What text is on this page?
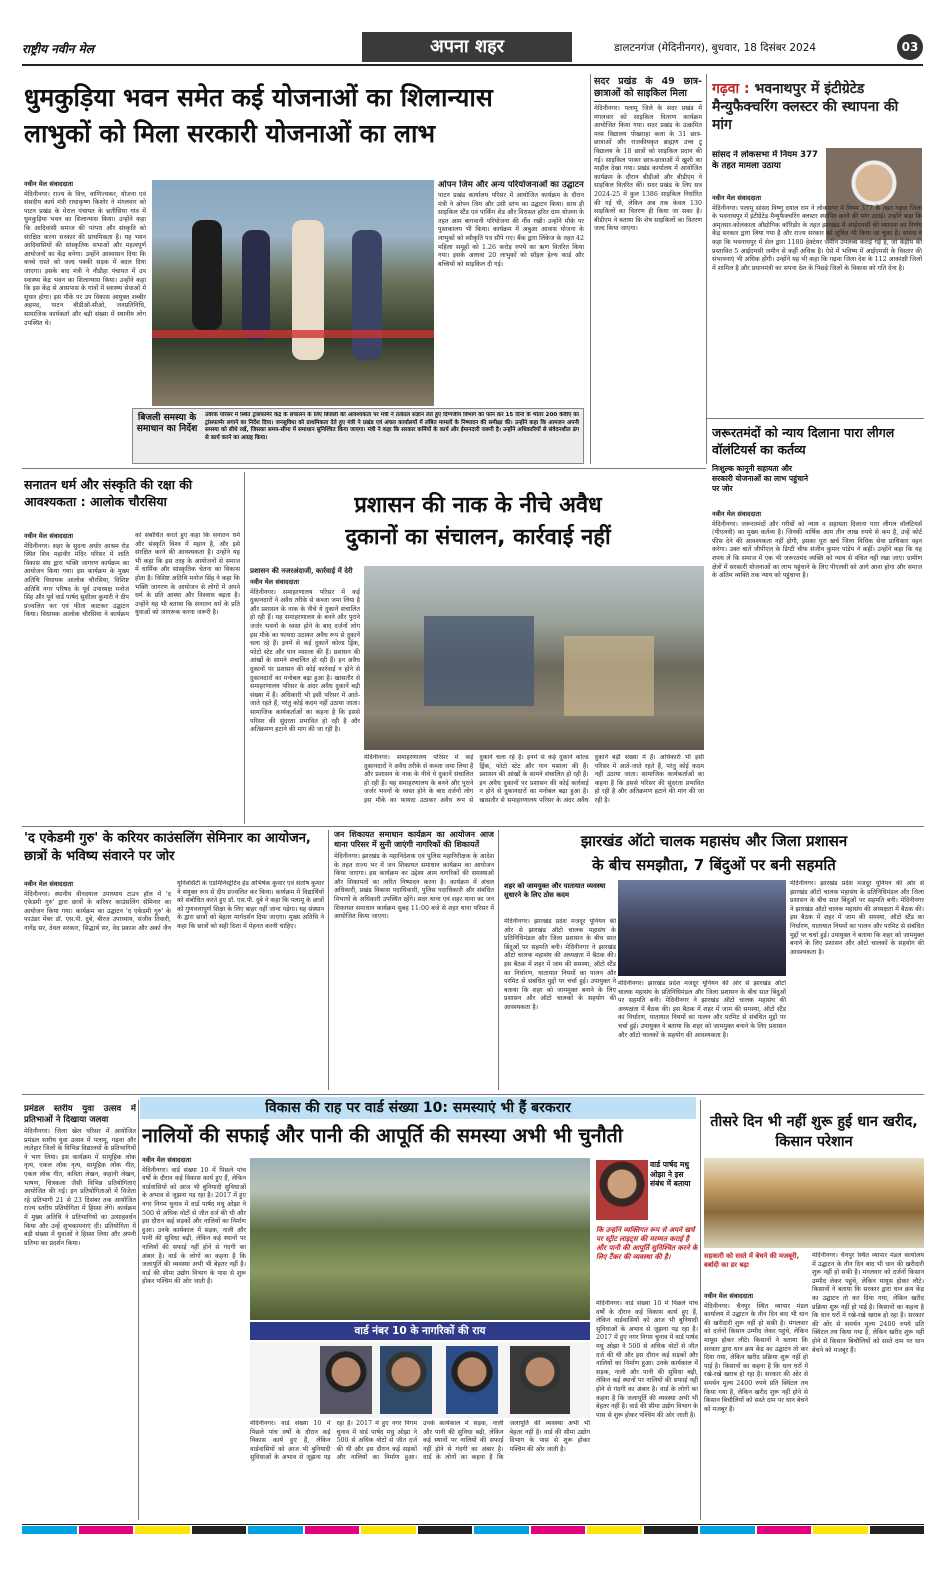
राष्ट्रीय नवीन मेल	अपना शहर	डालटनगंज (मेदिनीनगर), बुधवार, 18 दिसंबर 2024	03
धुमकुड़िया भवन समेत कई योजनाओं का शिलान्यास
लाभुकों को मिला सरकारी योजनाओं का लाभ
नवीन मेल संवाददाता
मेदिनीनगर। राज्य के वित्त, वाणिज्यकर, योजना एवं संसदीय कार्य मंत्री राधाकृष्ण किशोर ने मंगलवार को पाटन प्रखंड के मेराल पंचायत के छतीसिया गांव में धुमकुड़िया भवन का शिलान्यास किया। उन्होंने कहा कि आदिवासी समाज की परंपरा और संस्कृति को संरक्षित करना सरकार की प्राथमिकता है। यह भवन आदिवासियों की सांस्कृतिक सभाओं और महत्वपूर्ण आयोजनों का केंद्र बनेगा। उन्होंने आश्वासन दिया कि कच्चे रास्ते को जल्द पक्की सड़क में बदल दिया जाएगा। इसके बाद मंत्री ने नौडीहा पंचायत में उप स्वास्थ्य केंद्र भवन का शिलान्यास किया। उन्होंने कहा कि इस केंद्र से आसपास के गांवों में स्वास्थ्य सेवाओं में सुधार होगा। इस मौके पर उप विकास आयुक्त शब्बीर अहमद, पाटन बीडीओ-सीओ, जनप्रतिनिधि, सामाजिक कार्यकर्ता और बड़ी संख्या में स्थानीय लोग उपस्थित थे।
ओपन जिम और अन्य परियोजनाओं का उद्घाटन
पाटन प्रखंड कार्यालय परिसर में आयोजित कार्यक्रम के दौरान मंत्री ने ओपन जिम और उसी स्तंभ का उद्घाटन किया। साथ ही साइकिल स्टैंड एवं पार्किंग शेड और विरासत हरित ग्राम योजना के तहत आम बागवानी परियोजना की नींव रखी। उन्होंने मौके पर पुस्तकालय भी किया। कार्यक्रम में अबुआ आवास योजना के लाभुकों को स्वीकृति पत्र सौंपे गए। बैंक द्वारा लिंकेज के तहत 42 महिला समूहों को 1.26 करोड़ रुपये का ऋण वितरित किया गया। इसके अलावा 20 लाभुकों को सॉइल हेल्थ कार्ड और बच्चियों को साइकिल दी गई।
बिजली समस्या के समाधान का निर्देश
उर्वरक परिसर में स्थित ट्रांसफार्मर केंद्र के संचालन के लिए बिजली की आवश्यकता पर मंत्री ने तत्काल संज्ञान लेते हुए दिग्गजीय विभाग को फोन कर 15 दिनों के भीतर 200 केवीए का ट्रांसफार्मर लगाने का निर्देश दिया। जनसुविधा को प्राथमिकता देते हुए मंत्री ने प्रखंड एवं अंचल कार्यालयों में लंबित मामलों के निष्पादन की समीक्षा की। उन्होंने कहा कि आमजन अपनी समस्या को सीधे रखें, जिसका समय-सीमा में समाधान सुनिश्चित किया जाएगा। मंत्री ने कहा कि सरकार कर्मियों के कार्य और ईमानदारी जरूरी है। उन्होंने अधिकारियों से संवेदनशील ढंग से कार्य करने का आग्रह किया।
सदर प्रखंड के 49 छात्र-छात्राओं को साइकिल मिला
मेदिनीनगर। पलामू जिले के सदर प्रखंड में मंगलवार को साइकिल वितरण कार्यक्रम आयोजित किया गया। सदर प्रखंड के उत्क्रमित मध्य विद्यालय पोखराहा कला के 31 छात्र-छात्राओं और राजकीयकृत ब्राह्मण उच्च टू विद्यालय के 18 छात्रों को साइकिल प्रदान की गई। साइकिल पाकर छात्र-छात्राओं में खुशी का माहौल देखा गया। प्रखंड कार्यालय में आयोजित कार्यक्रम के दौरान बीडीओ और बीडीएम ने साइकिल वितरित कीं। सदर प्रखंड के लिए सत्र 2024-25 में कुल 1386 साइकिल निर्धारित की गई थी, लेकिन अब तक केवल 130 साइकिलों का वितरण ही किया जा सका है। बीडीएम ने बताया कि शेष साइकिलों का वितरण जल्द किया जाएगा।
गढ़वा : भवनाथपुर में इंटीग्रेटेड मैन्युफैक्चरिंग क्लस्टर की स्थापना की मांग
सांसद ने लोकसभा में नियम 377 के तहत मामला उठाया
नवीन मेल संवाददाता
मेदिनीनगर। पलामू सांसद विष्णु दयाल राम ने लोकसभा में नियम 377 के तहत गढ़वा जिला के भवनाथपुर में इंटीग्रेटेड मैन्युफैक्चरिंग क्लस्टर स्थापित करने की मांग उठाई। उन्होंने कहा कि अमृतसर-कोलकाता औद्योगिक कॉरिडोर के तहत झारखंड में आईएमसी की स्थापना का निर्णय केंद्र सरकार द्वारा लिया गया है और राज्य सरकार को सूचित भी किया जा चुका है। सांसद ने कहा कि भवनाथपुर में सेल द्वारा 1180 हेक्टेयर जमीन उपलब्ध कराई गई है, जो केंद्रीय की प्रस्तावित 5 आईएमसी जमीन से कहीं अधिक है। ऐसे में भविष्य में आईएमसी के विस्तार की संभावनाएं भी अधिक होंगी। उन्होंने यह भी कहा कि गढ़वा जिला देश के 112 आकांक्षी जिलों में शामिल है और प्रधानमंत्री का सपना देश के पिछड़े जिलों के विकास को गति देना है।
जरूरतमंदों को न्याय दिलाना पारा लीगल वॉलंटियर्स का कर्तव्य
निःशुल्क कानूनी सहायता और सरकारी योजनाओं का लाभ पहुंचाने पर जोर
नवीन मेल संवाददाता
मेदिनीनगर। जरूरतमंदों और गरीबों को न्याय व सहायता दिलाना पारा लीगल वॉलंटियर्स (पीएलवी) का मुख्य कर्तव्य है। जिनकी वार्षिक आय तीन लाख रुपये से कम है, उन्हें कोर्ट फीस देने की आवश्यकता नहीं होगी, इसका पूरा खर्च जिला विधिक सेवा प्राधिकार वहन करेगा। उक्त बातें जीपीएल के डिप्टी चीफ संजीव कुमार पांडेय ने कहीं। उन्होंने कहा कि यह शपथ लें कि समाज में एक भी जरूरतमंद व्यक्ति को न्याय से वंचित नहीं रखा जाए। ग्रामीण क्षेत्रों में सरकारी योजनाओं का लाभ पहुंचाने के लिए पीएलवी को आगे आना होगा और समाज के अंतिम व्यक्ति तक न्याय को पहुंचाना है।
सनातन धर्म और संस्कृति की रक्षा की आवश्यकता : आलोक चौरसिया
नवीन मेल संवाददाता
मेदिनीनगर। शहर के सुदना अधोर आश्रम रोड स्थित शिव महावीर मंदिर परिसर में शांति विकास संघ द्वारा भक्ति जागरण कार्यक्रम का आयोजन किया गया। इस कार्यक्रम के मुख्य अतिथि विधायक आलोक चौरसिया, विशिष्ट अतिथि नगर परिषद के पूर्व उपाध्यक्ष मनोज सिंह और पूर्व वार्ड पार्षद सुशीला कुमारी ने दीप प्रज्वलित कर एवं फीता काटकर उद्घाटन किया। विधायक आलोक चौरसिया ने कार्यक्रम को संबोधित करते हुए कहा कि सनातन धर्म और संस्कृति विश्व में महान है, और इसे संरक्षित करने की आवश्यकता है। उन्होंने यह भी कहा कि इस तरह के आयोजनों से समाज में धार्मिक और सांस्कृतिक चेतना का विकास होता है। विशिष्ट अतिथि मनोज सिंह ने कहा कि भक्ति जागरण के आयोजन से लोगों में अपने धर्म के प्रति आस्था और विश्वास बढ़ता है। उन्होंने यह भी बताया कि सनातन धर्म के प्रति युवाओं को जागरूक करना जरूरी है।
प्रशासन की नाक के नीचे अवैध
दुकानों का संचालन, कार्रवाई नहीं
प्रशासन की नजरअंदाजी, कार्रवाई में देरी
नवीन मेल संवाददाता
मेदिनीनगर। समाहरणालय परिसर में कई दुकानदारों ने अवैध तरीके से कब्जा जमा लिया है और प्रशासन के नाक के नीचे ये दुकानें संचालित हो रही हैं। यह समाहरणालय के बनने और पुराने जर्जर भवनों के ध्वस्त होने के बाद दर्जनों लोग इस मौके का फायदा उठाकर अवैध रूप से दुकानें चला रहे हैं। इनमें से कई दुकानें कोल्ड ड्रिंक, फोटो स्टेट और पान मसाला की हैं। प्रशासन की आंखों के सामने संचालित हो रही हैं। इन अवैध दुकानों पर प्रशासन की कोई कार्रवाई न होने से दुकानदारों का मनोबल बढ़ा हुआ है। खासतौर से समाहरणालय परिसर के अंदर अवैध दुकानें बड़ी संख्या में हैं। अधिकारी भी इसी परिसर में आते-जाते रहते हैं, परंतु कोई कदम नहीं उठाया जाता। सामाजिक कार्यकर्ताओं का कहना है कि इससे परिसर की सुंदरता प्रभावित हो रही है और अतिक्रमण हटाने की मांग की जा रही है।
मेदिनीनगर। समाहरणालय परिसर में कई दुकानदारों ने अवैध तरीके से कब्जा जमा लिया है और प्रशासन के नाक के नीचे ये दुकानें संचालित हो रही हैं। यह समाहरणालय के बनने और पुराने जर्जर भवनों के ध्वस्त होने के बाद दर्जनों लोग इस मौके का फायदा उठाकर अवैध रूप से दुकानें चला रहे हैं। इनमें से कई दुकानें कोल्ड ड्रिंक, फोटो स्टेट और पान मसाला की हैं। प्रशासन की आंखों के सामने संचालित हो रही हैं। इन अवैध दुकानों पर प्रशासन की कोई कार्रवाई न होने से दुकानदारों का मनोबल बढ़ा हुआ है। खासतौर से समाहरणालय परिसर के अंदर अवैध दुकानें बड़ी संख्या में हैं। अधिकारी भी इसी परिसर में आते-जाते रहते हैं, परंतु कोई कदम नहीं उठाया जाता। सामाजिक कार्यकर्ताओं का कहना है कि इससे परिसर की सुंदरता प्रभावित हो रही है और अतिक्रमण हटाने की मांग की जा रही है।
'द एकेडमी गुरु' के करियर काउंसलिंग सेमिनार का आयोजन, छात्रों के भविष्य संवारने पर जोर
नवीन मेल संवाददाता
मेदिनीनगर। स्थानीय वीनदयाल उपाध्याय टाउन हॉल में 'द एकेडमी गुरु' द्वारा छात्रों के करियर काउंसलिंग सेमिनार का आयोजन किया गया। कार्यक्रम का उद्घाटन 'द एकेडमी गुरु' के फाउंडर मेंबर डॉ. एस.पी. दुबे, बीरज उपाध्याय, संजीव तिवारी, नागेंद्र सर, देवल सरकार, सिद्धार्थ सर, वेद प्रकाश और अर्का जैन यूनिवर्सिटी के एडमिनिस्ट्रेटिव हेड अभिषेक कुमार एवं संतोष कुमार ने संयुक्त रूप से दीप प्रज्वलित कर किया। कार्यक्रम में विद्यार्थियों को संबोधित करते हुए डॉ. एस.पी. दुबे ने कहा कि पलामू के छात्रों को गुणवत्तापूर्ण शिक्षा के लिए बाहर नहीं जाना पड़ेगा। यह संस्थान के द्वारा छात्रों को बेहतर मार्गदर्शन दिया जाएगा। मुख्य अतिथि ने कहा कि छात्रों को सही दिशा में मेहनत करनी चाहिए।
जन शिकायत समाधान कार्यक्रम का आयोजन आज थाना परिसर में सुनी जाएंगी नागरिकों की शिकायतें
मेदिनीनगर। झारखंड के महानिदेशक एवं पुलिस महानिरीक्षक के आदेश के तहत राज्य भर में जन शिकायत समाधान कार्यक्रम का आयोजन किया जाएगा। इस कार्यक्रम का उद्देश्य आम नागरिकों की समस्याओं और शिकायतों का त्वरित निष्पादन करना है। कार्यक्रम में अंचल अधिकारी, प्रखंड विकास पदाधिकारी, पुलिस पदाधिकारी और संबंधित विभागों के अधिकारी उपस्थित रहेंगे। सदर थाना एवं शहर थाना का जन शिकायत समाधान कार्यक्रम सुबह 11:00 बजे से शहर थाना परिसर में आयोजित किया जाएगा।
झारखंड ऑटो चालक महासंघ और जिला प्रशासन
के बीच समझौता, 7 बिंदुओं पर बनी सहमति
शहर को जामयुक्त और यातायात व्यवस्था सुधारने के लिए ठोस कदम
मेदिनीनगर। झारखंड प्रदेश मजदूर यूनियन की ओर से झारखंड ऑटो चालक महासंघ के प्रतिनिधिमंडल और जिला प्रशासन के बीच सात बिंदुओं पर सहमति बनी। मेदिनीनगर ने झारखंड ऑटो चालक महासंघ की अध्यक्षता में बैठक की। इस बैठक में शहर में जाम की समस्या, ऑटो स्टैंड का निर्धारण, यातायात नियमों का पालन और परमिट से संबंधित मुद्दों पर चर्चा हुई। उपायुक्त ने बताया कि शहर को जाममुक्त बनाने के लिए प्रशासन और ऑटो चालकों के सहयोग की आवश्यकता है।
मेदिनीनगर। झारखंड प्रदेश मजदूर यूनियन की ओर से झारखंड ऑटो चालक महासंघ के प्रतिनिधिमंडल और जिला प्रशासन के बीच सात बिंदुओं पर सहमति बनी। मेदिनीनगर ने झारखंड ऑटो चालक महासंघ की अध्यक्षता में बैठक की। इस बैठक में शहर में जाम की समस्या, ऑटो स्टैंड का निर्धारण, यातायात नियमों का पालन और परमिट से संबंधित मुद्दों पर चर्चा हुई। उपायुक्त ने बताया कि शहर को जाममुक्त बनाने के लिए प्रशासन और ऑटो चालकों के सहयोग की आवश्यकता है।
मेदिनीनगर। झारखंड प्रदेश मजदूर यूनियन की ओर से झारखंड ऑटो चालक महासंघ के प्रतिनिधिमंडल और जिला प्रशासन के बीच सात बिंदुओं पर सहमति बनी। मेदिनीनगर ने झारखंड ऑटो चालक महासंघ की अध्यक्षता में बैठक की। इस बैठक में शहर में जाम की समस्या, ऑटो स्टैंड का निर्धारण, यातायात नियमों का पालन और परमिट से संबंधित मुद्दों पर चर्चा हुई। उपायुक्त ने बताया कि शहर को जाममुक्त बनाने के लिए प्रशासन और ऑटो चालकों के सहयोग की आवश्यकता है।
विकास की राह पर वार्ड संख्या 10: समस्याएं भी हैं बरकरार
प्रमंडल स्तरीय युवा उत्सव में प्रतिभाओं ने दिखाया जलवा
मेदिनीनगर। जिला खेल परिसर में आयोजित प्रमंडल स्तरीय युवा उत्सव में पलामू, गढ़वा और लातेहार जिलों के विभिन्न विद्यालयों के प्रतिभागियों ने भाग लिया। इस कार्यक्रम में सामूहिक लोक नृत्य, एकल लोक नृत्य, सामूहिक लोक गीत, एकल लोक गीत, कविता लेखन, कहानी लेखन, भाषण, चित्रकला जैसी विभिन्न प्रतियोगिताएं आयोजित की गईं। इन प्रतियोगिताओं में विजेता रहे प्रतिभागी 21 से 23 दिसंबर तक आयोजित राज्य स्तरीय प्रतियोगिता में हिस्सा लेंगे। कार्यक्रम में मुख्य अतिथि ने प्रतिभागियों का उत्साहवर्धन किया और उन्हें शुभकामनाएं दीं। प्रतियोगिता में बड़ी संख्या में युवाओं ने हिस्सा लिया और अपनी प्रतिभा का प्रदर्शन किया।
नालियों की सफाई और पानी की आपूर्ति की समस्या अभी भी चुनौती
नवीन मेल संवाददाता
मेदिनीनगर। वार्ड संख्या 10 में पिछले पांच वर्षों के दौरान कई विकास कार्य हुए हैं, लेकिन वार्डवासियों को आज भी बुनियादी सुविधाओं के अभाव से जूझना पड़ रहा है। 2017 में हुए नगर निगम चुनाव में वार्ड पार्षद मधु ओझा ने 500 से अधिक वोटों से जीत दर्ज की थी और इस दौरान कई सड़कों और नालियों का निर्माण हुआ। उनके कार्यकाल में सड़क, नाली और पानी की सुविधा बढ़ी, लेकिन कई स्थानों पर नालियों की सफाई नहीं होने से गंदगी का अंबार है। वार्ड के लोगों का कहना है कि जलापूर्ति की व्यवस्था अभी भी बेहतर नहीं है। वार्ड की सीमा उद्योग विभाग के पास से शुरू होकर पश्चिम की ओर जाती है।
वार्ड पार्षद मधु ओझा ने इस संबंध में बताया
कि उन्होंने व्यक्तिगत रूप से अपने खर्च पर स्ट्रीट लाइट्स की मरम्मत कराई है और पानी की आपूर्ति सुनिश्चित करने के लिए टैंकर की व्यवस्था की है।
मेदिनीनगर। वार्ड संख्या 10 में पिछले पांच वर्षों के दौरान कई विकास कार्य हुए हैं, लेकिन वार्डवासियों को आज भी बुनियादी सुविधाओं के अभाव से जूझना पड़ रहा है। 2017 में हुए नगर निगम चुनाव में वार्ड पार्षद मधु ओझा ने 500 से अधिक वोटों से जीत दर्ज की थी और इस दौरान कई सड़कों और नालियों का निर्माण हुआ। उनके कार्यकाल में सड़क, नाली और पानी की सुविधा बढ़ी, लेकिन कई स्थानों पर नालियों की सफाई नहीं होने से गंदगी का अंबार है। वार्ड के लोगों का कहना है कि जलापूर्ति की व्यवस्था अभी भी बेहतर नहीं है। वार्ड की सीमा उद्योग विभाग के पास से शुरू होकर पश्चिम की ओर जाती है।
वार्ड नंबर 10 के नागरिकों की राय
मेदिनीनगर। वार्ड संख्या 10 में पिछले पांच वर्षों के दौरान कई विकास कार्य हुए हैं, लेकिन वार्डवासियों को आज भी बुनियादी सुविधाओं के अभाव से जूझना पड़ रहा है। 2017 में हुए नगर निगम चुनाव में वार्ड पार्षद मधु ओझा ने 500 से अधिक वोटों से जीत दर्ज की थी और इस दौरान कई सड़कों और नालियों का निर्माण हुआ। उनके कार्यकाल में सड़क, नाली और पानी की सुविधा बढ़ी, लेकिन कई स्थानों पर नालियों की सफाई नहीं होने से गंदगी का अंबार है। वार्ड के लोगों का कहना है कि जलापूर्ति की व्यवस्था अभी भी बेहतर नहीं है। वार्ड की सीमा उद्योग विभाग के पास से शुरू होकर पश्चिम की ओर जाती है।
तीसरे दिन भी नहीं शुरू हुई धान खरीद, किसान परेशान
सहकारी को सस्ते में बेचने की मजबूरी, बर्बादी का डर बढ़ा
नवीन मेल संवाददाता
मेदिनीनगर। चैनपुर स्थित व्यापार मंडल कार्यालय में उद्घाटन के तीन दिन बाद भी धान की खरीदारी शुरू नहीं हो सकी है। मंगलवार को दर्जनों किसान उम्मीद लेकर पहुंचे, लेकिन मायूस होकर लौटे। किसानों ने बताया कि सरकार द्वारा धान क्रय केंद्र का उद्घाटन तो कर दिया गया, लेकिन खरीद प्रक्रिया शुरू नहीं हो पाई है। किसानों का कहना है कि धान घरों में रखे-रखे खराब हो रहा है। सरकार की ओर से समर्थन मूल्य 2400 रुपये प्रति क्विंटल तय किया गया है, लेकिन खरीद शुरू नहीं होने से किसान बिचौलियों को सस्ते दाम पर धान बेचने को मजबूर हैं।
मेदिनीनगर। चैनपुर स्थित व्यापार मंडल कार्यालय में उद्घाटन के तीन दिन बाद भी धान की खरीदारी शुरू नहीं हो सकी है। मंगलवार को दर्जनों किसान उम्मीद लेकर पहुंचे, लेकिन मायूस होकर लौटे। किसानों ने बताया कि सरकार द्वारा धान क्रय केंद्र का उद्घाटन तो कर दिया गया, लेकिन खरीद प्रक्रिया शुरू नहीं हो पाई है। किसानों का कहना है कि धान घरों में रखे-रखे खराब हो रहा है। सरकार की ओर से समर्थन मूल्य 2400 रुपये प्रति क्विंटल तय किया गया है, लेकिन खरीद शुरू नहीं होने से किसान बिचौलियों को सस्ते दाम पर धान बेचने को मजबूर हैं।
